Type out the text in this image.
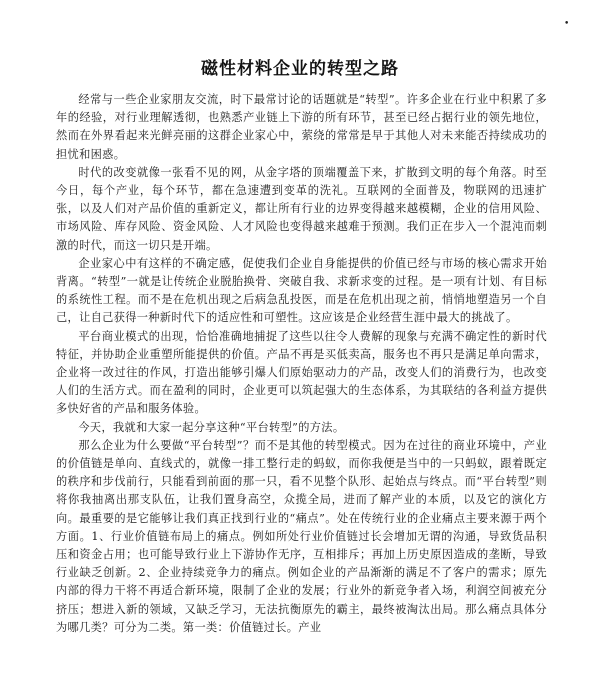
•
磁性材料企业的转型之路

经常与一些企业家朋友交流，时下最常讨论的话题就是“转型”。许多企业在行业中积累了多年的经验，对行业理解透彻，也熟悉产业链上下游的所有环节，甚至已经占据行业的领先地位，然而在外界看起来光鲜亮丽的这群企业家心中，萦绕的常常是早于其他人对未来能否持续成功的担忧和困惑。

时代的改变就像一张看不见的网，从金字塔的顶端覆盖下来，扩散到文明的每个角落。时至今日，每个产业，每个环节，都在急速遭到变革的洗礼。互联网的全面普及，物联网的迅速扩张，以及人们对产品价值的重新定义，都让所有行业的边界变得越来越模糊，企业的信用风险、市场风险、库存风险、资金风险、人才风险也变得越来越难于预测。我们正在步入一个混沌而刺激的时代，而这一切只是开端。

企业家心中有这样的不确定感，促使我们企业自身能提供的价值已经与市场的核心需求开始背离。“转型”一就是让传统企业脱胎换骨、突破自我、求新求变的过程。是一项有计划、有目标的系统性工程。而不是在危机出现之后病急乱投医，而是在危机出现之前，悄悄地塑造另一个自己，让自己获得一种新时代下的适应性和可塑性。这应该是企业经营生涯中最大的挑战了。

平台商业模式的出现，恰恰准确地捕捉了这些以往令人费解的现象与充满不确定性的新时代特征，并协助企业重塑所能提供的价值。产品不再是买低卖高，服务也不再只是满足单向需求，企业将一改过往的作风，打造出能够引爆人们原始驱动力的产品，改变人们的消费行为，也改变人们的生活方式。而在盈利的同时，企业更可以筑起强大的生态体系，为其联结的各利益方提供多快好省的产品和服务体验。

今天，我就和大家一起分享这种“平台转型”的方法。

那么企业为什么要做“平台转型”？而不是其他的转型模式。因为在过往的商业环境中，产业的价值链是单向、直线式的，就像一排工整行走的蚂蚁，而你我便是当中的一只蚂蚁，跟着既定的秩序和步伐前行，只能看到前面的那一只，看不见整个队形、起始点与终点。而“平台转型”则将你我抽离出那支队伍，让我们置身高空，众揽全局，进而了解产业的本质，以及它的演化方向。最重要的是它能够让我们真正找到行业的“痛点”。处在传统行业的企业痛点主要来源于两个方面。1、行业价值链布局上的痛点。例如所处行业价值链过长会增加无谓的沟通，导致货品积压和资金占用；也可能导致行业上下游协作无序，互相排斥；再加上历史原因造成的垄断，导致行业缺乏创新。2、企业持续竞争力的痛点。例如企业的产品渐渐的满足不了客户的需求；原先内部的得力干将不再适合新环境，限制了企业的发展；行业外的新竞争者入场，利润空间被充分挤压；想进入新的领域，又缺乏学习，无法抗衡原先的霸主，最终被淘汰出局。那么痛点具体分为哪几类？可分为二类。第一类：价值链过长。产业
